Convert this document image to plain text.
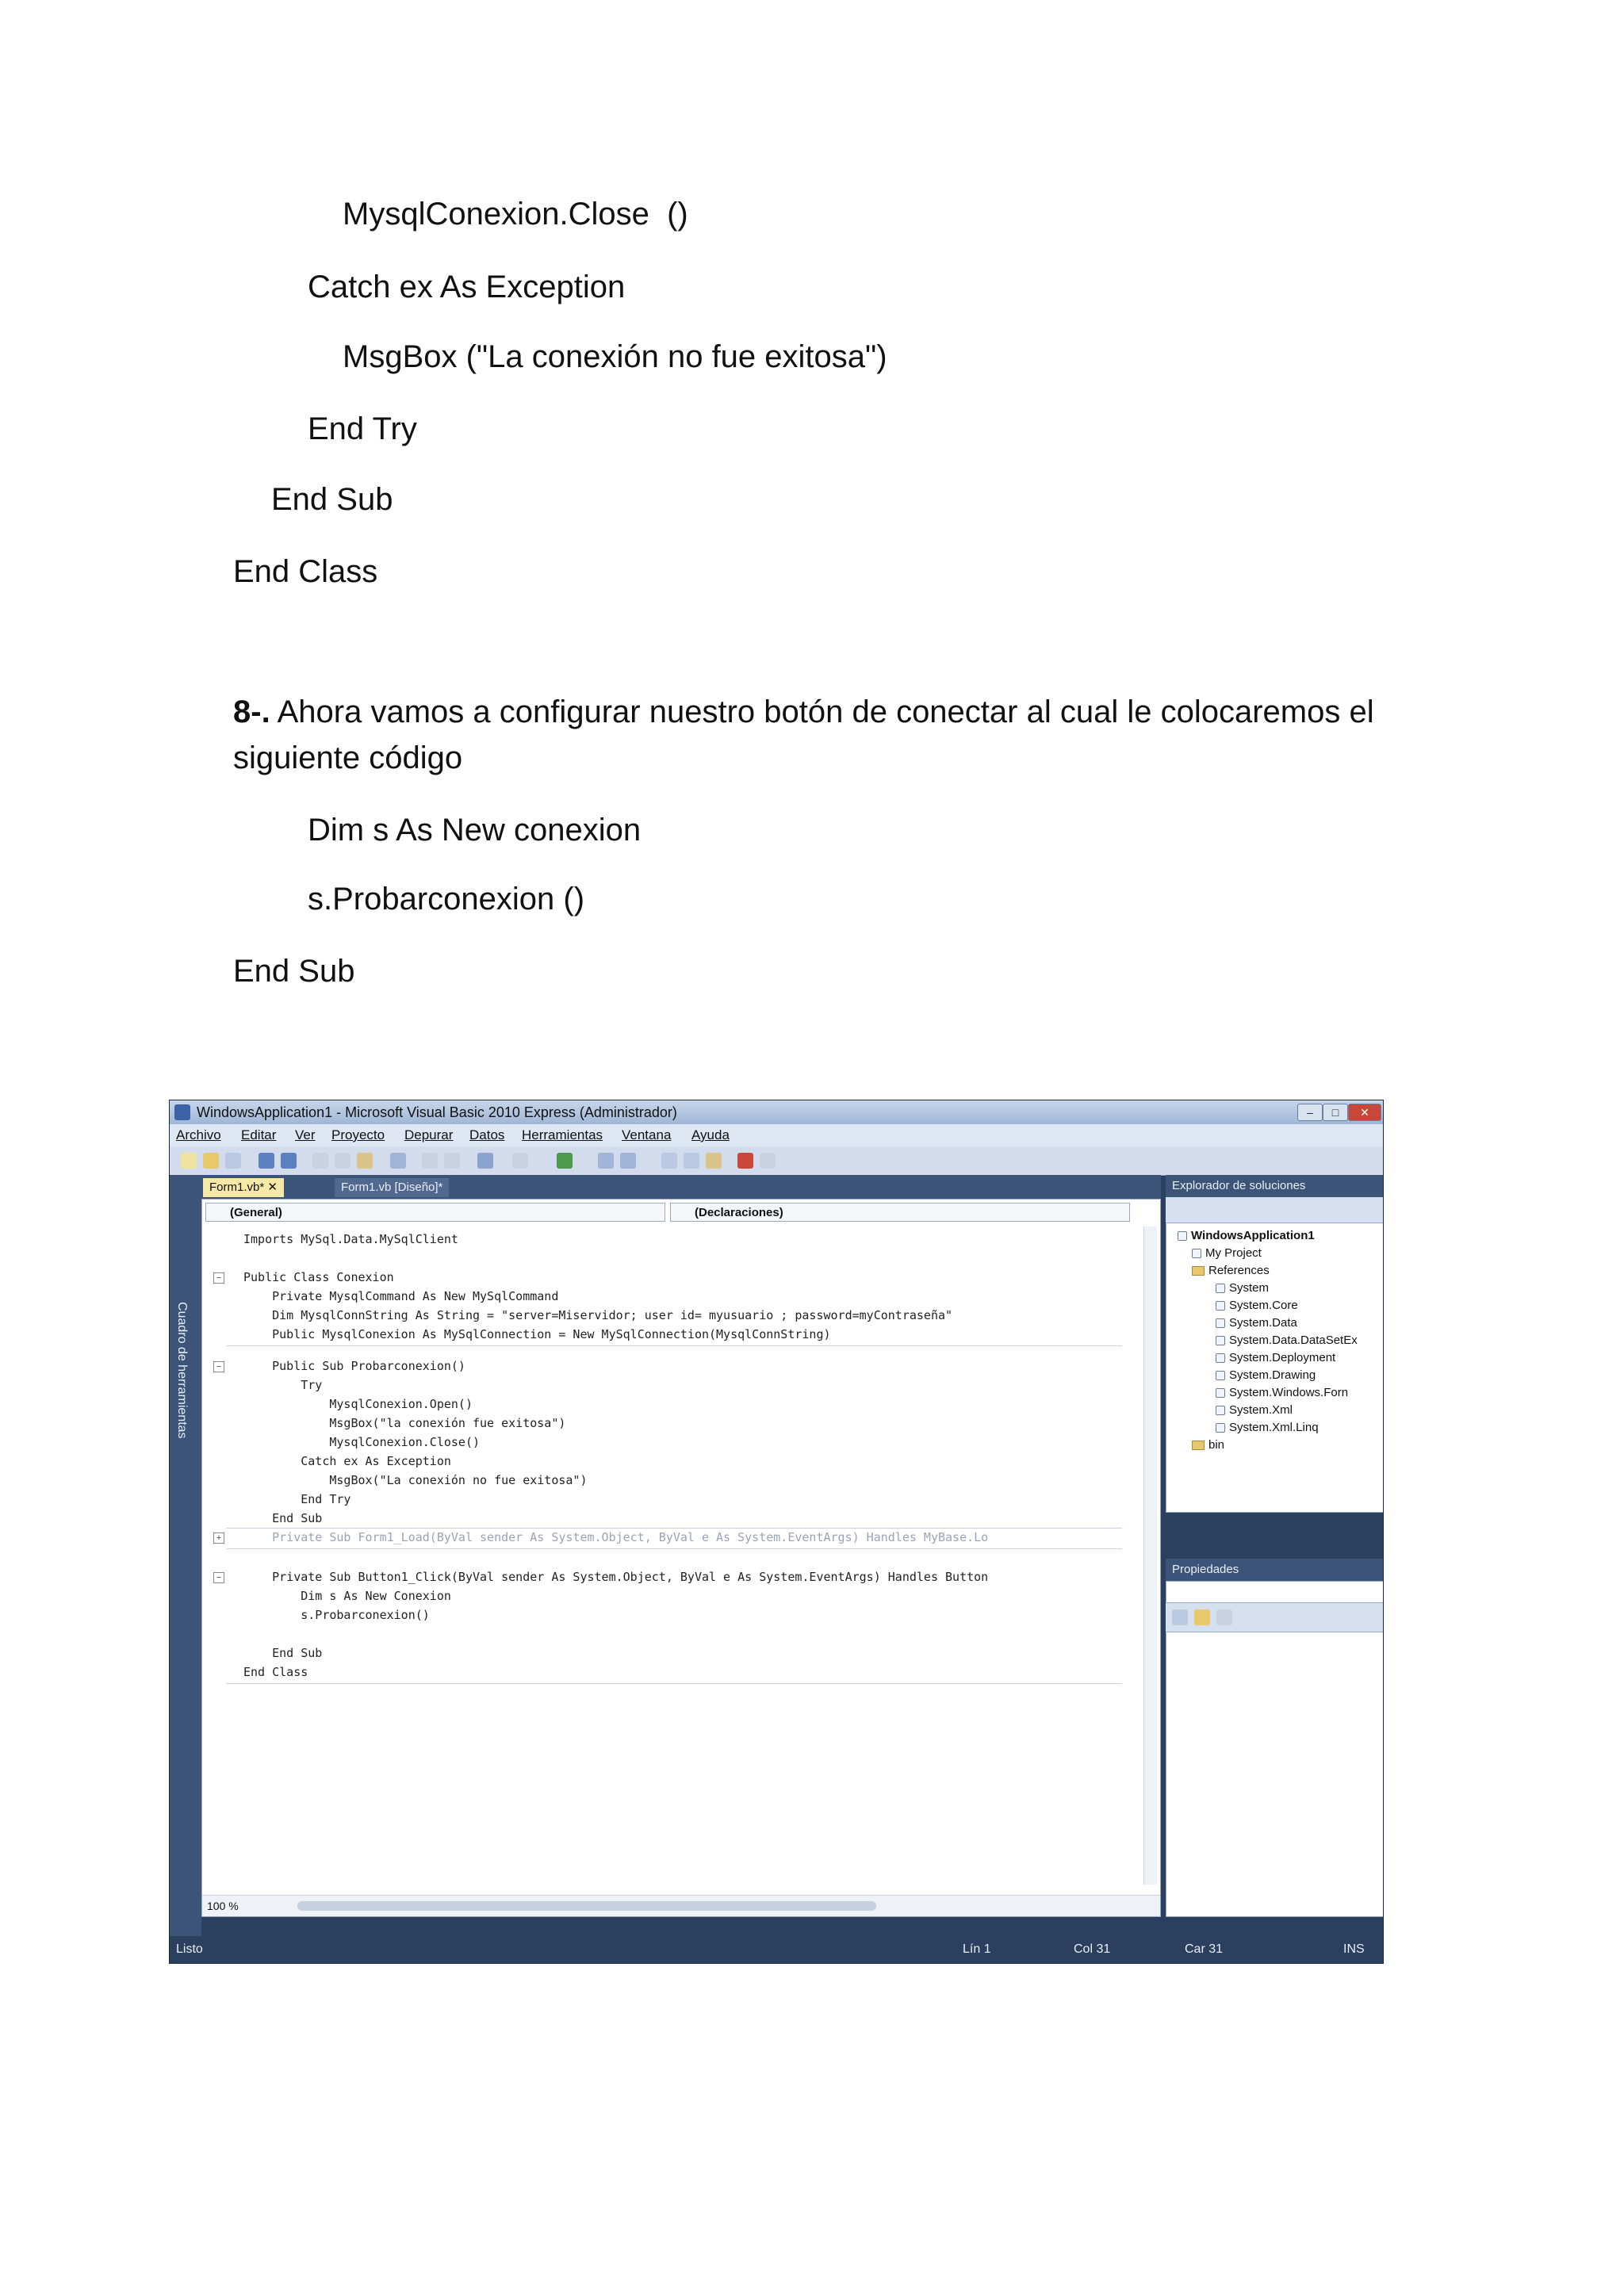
MysqlConexion.Close  ()
Catch ex As Exception
MsgBox ("La conexión no fue exitosa")
End Try
End Sub
End Class
8-. Ahora vamos a configurar nuestro botón de conectar al cual le colocaremos el siguiente código
Dim s As New conexion
s.Probarconexion ()
End Sub
WindowsApplication1 - Microsoft Visual Basic 2010 Express (Administrador)	–	□	✕
Archivo Editar Ver Proyecto Depurar Datos Herramientas Ventana Ayuda
Cuadro de herramientas
Form1.vb* ✕	Form1.vb [Diseño]*
(General)	(Declaraciones)
Imports MySql.Data.MySqlClient
− Public Class Conexion
Private MysqlCommand As New MySqlCommand
Dim MysqlConnString As String = "server=Miservidor; user id= myusuario ; password=myContraseña"
Public MysqlConexion As MySqlConnection = New MySqlConnection(MysqlConnString)
− Public Sub Probarconexion()
Try
MysqlConexion.Open()
MsgBox("la conexión fue exitosa")
MysqlConexion.Close()
Catch ex As Exception
MsgBox("La conexión no fue exitosa")
End Try
End Sub
+ Private Sub Form1_Load(ByVal sender As System.Object, ByVal e As System.EventArgs) Handles MyBase.Lo
− Private Sub Button1_Click(ByVal sender As System.Object, ByVal e As System.EventArgs) Handles Button
Dim s As New Conexion
s.Probarconexion()
End Sub
End Class
100 %
Explorador de soluciones
WindowsApplication1
My Project
References
System
System.Core
System.Data
System.Data.DataSetEx
System.Deployment
System.Drawing
System.Windows.Forn
System.Xml
System.Xml.Linq
bin
Propiedades
Listo	Lín 1	Col 31	Car 31	INS
